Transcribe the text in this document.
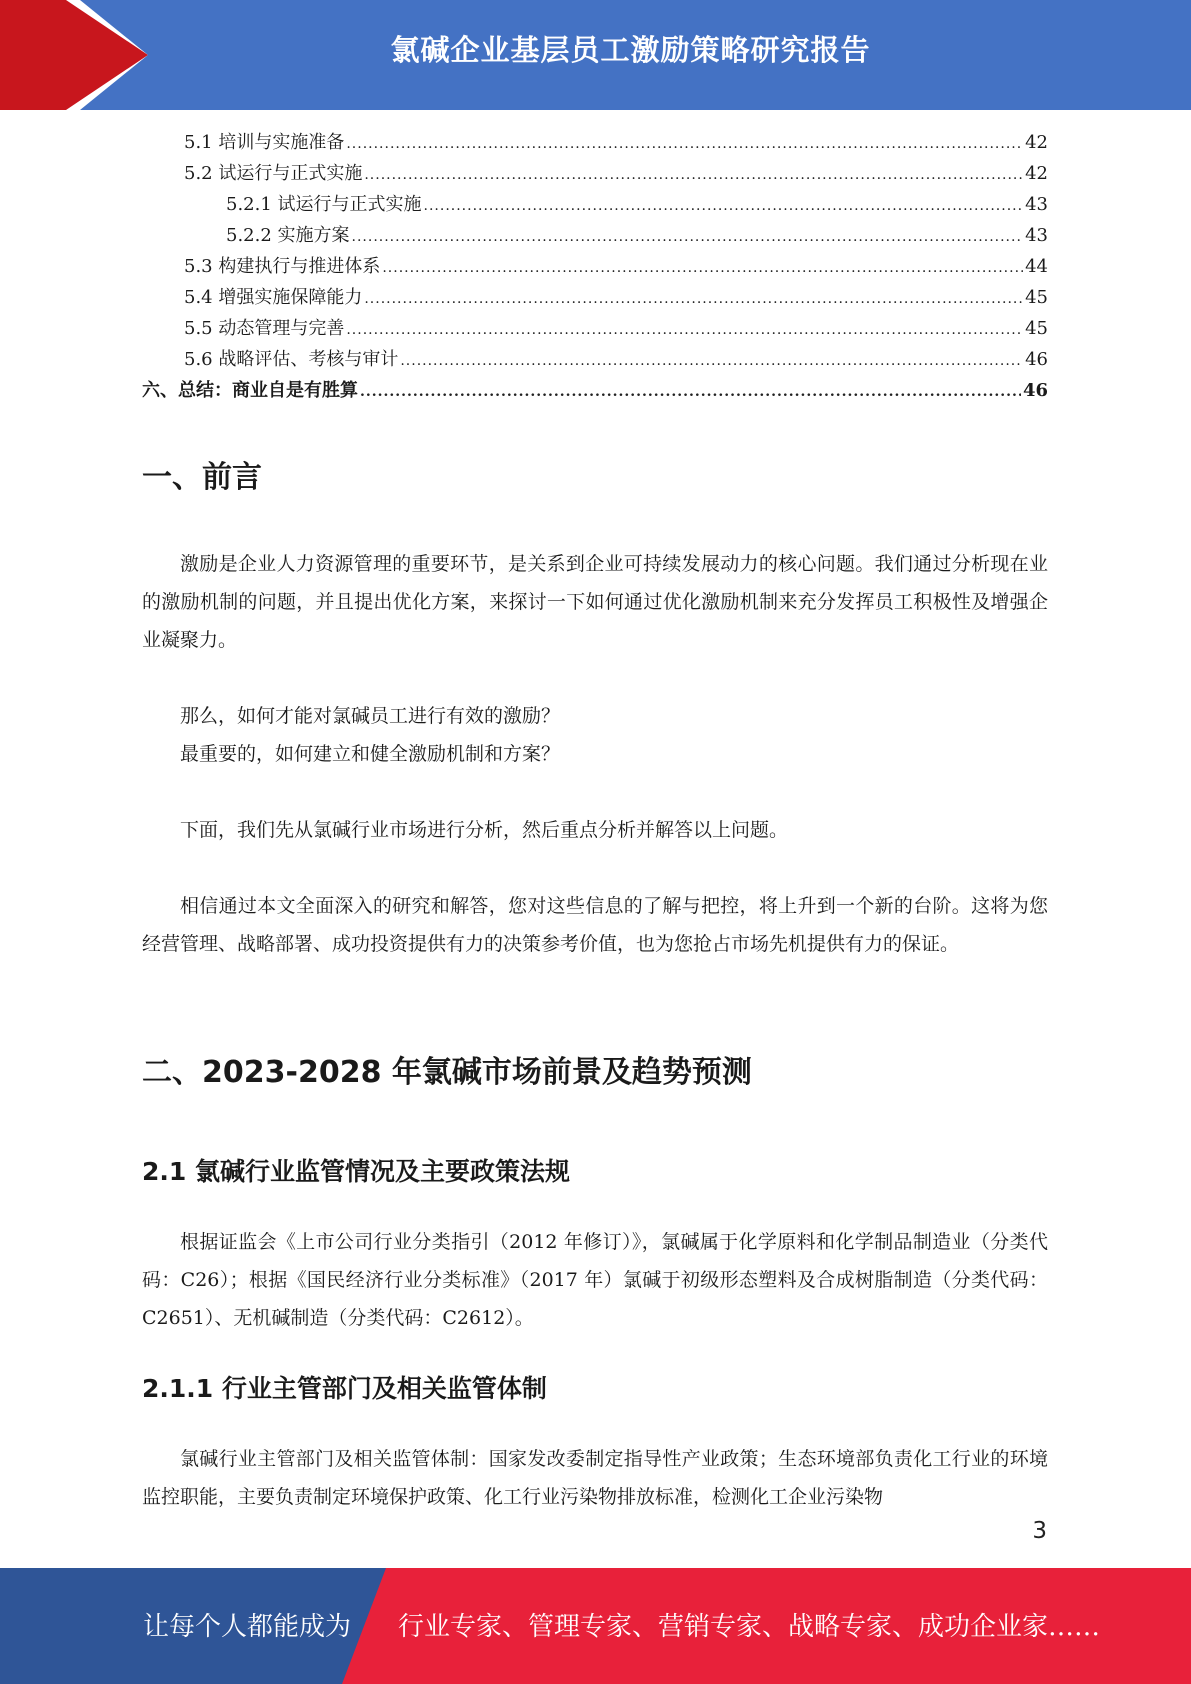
氯碱企业基层员工激励策略研究报告
5.1 培训与实施准备 .....	42
5.2 试运行与正式实施 .....	42
5.2.1 试运行与正式实施 .....	43
5.2.2 实施方案 .....	43
5.3 构建执行与推进体系 .....	44
5.4 增强实施保障能力 .....	45
5.5 动态管理与完善 .....	45
5.6 战略评估、考核与审计 .....	46
六、总结：商业自是有胜算 .....	46
一、前言

激励是企业人力资源管理的重要环节，是关系到企业可持续发展动力的核心问题。我们通过分析现在业的激励机制的问题，并且提出优化方案，来探讨一下如何通过优化激励机制来充分发挥员工积极性及增强企业凝聚力。

那么，如何才能对氯碱员工进行有效的激励？

最重要的，如何建立和健全激励机制和方案？

下面，我们先从氯碱行业市场进行分析，然后重点分析并解答以上问题。

相信通过本文全面深入的研究和解答，您对这些信息的了解与把控，将上升到一个新的台阶。这将为您经营管理、战略部署、成功投资提供有力的决策参考价值，也为您抢占市场先机提供有力的保证。

二、2023-2028 年氯碱市场前景及趋势预测
2.1 氯碱行业监管情况及主要政策法规

根据证监会《上市公司行业分类指引（2012 年修订）》，氯碱属于化学原料和化学制品制造业（分类代码：C26）；根据《国民经济行业分类标准》（2017 年）氯碱于初级形态塑料及合成树脂制造（分类代码：C2651）、无机碱制造（分类代码：C2612）。

2.1.1 行业主管部门及相关监管体制

氯碱行业主管部门及相关监管体制：国家发改委制定指导性产业政策；生态环境部负责化工行业的环境监控职能，主要负责制定环境保护政策、化工行业污染物排放标准，检测化工企业污染物

3
让每个人都能成为 行业专家、管理专家、营销专家、战略专家、成功企业家……
